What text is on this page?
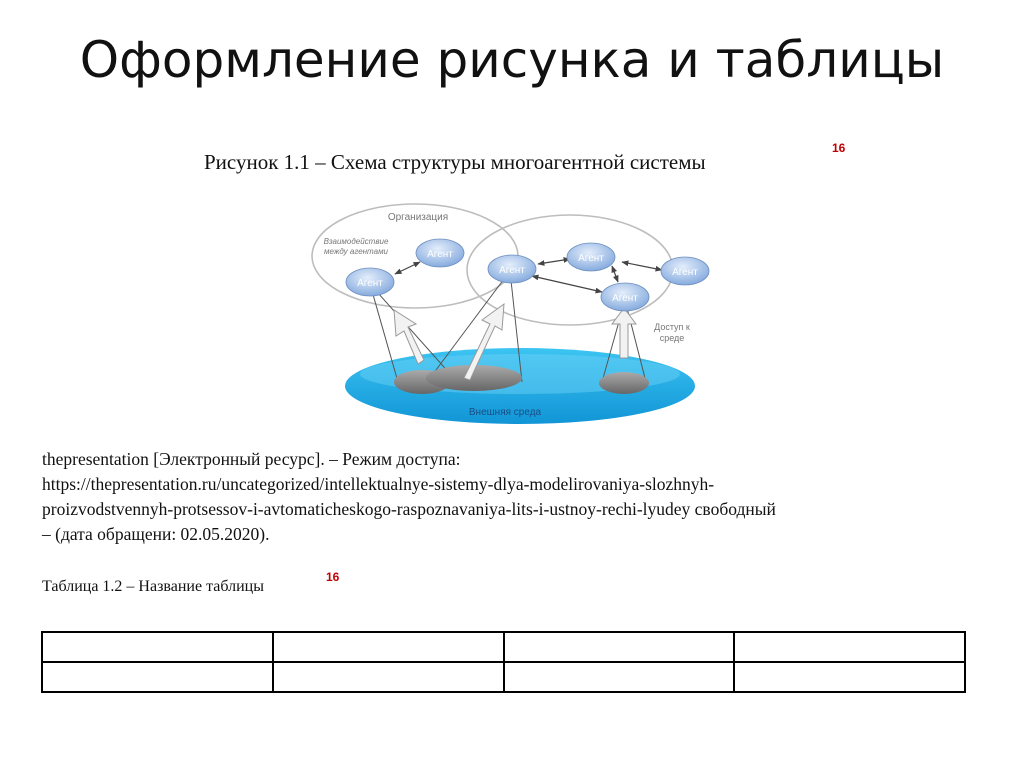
Оформление рисунка и таблицы
Рисунок 1.1 – Схема структуры многоагентной системы
16
Агент
Агент
Агент
Агент
Агент
Агент
Организация
Взаимодействие
между агентами
Доступ к
среде
Внешняя среда

thepresentation [Электронный ресурс]. – Режим доступа:

https://thepresentation.ru/uncategorized/intellektualnye-sistemy-dlya-modelirovaniya-slozhnyh-

proizvodstvennyh-protsessov-i-avtomaticheskogo-raspoznavaniya-lits-i-ustnoy-rechi-lyudey свободный

– (дата обращени: 02.05.2020).

Таблица 1.2 – Название таблицы
16
